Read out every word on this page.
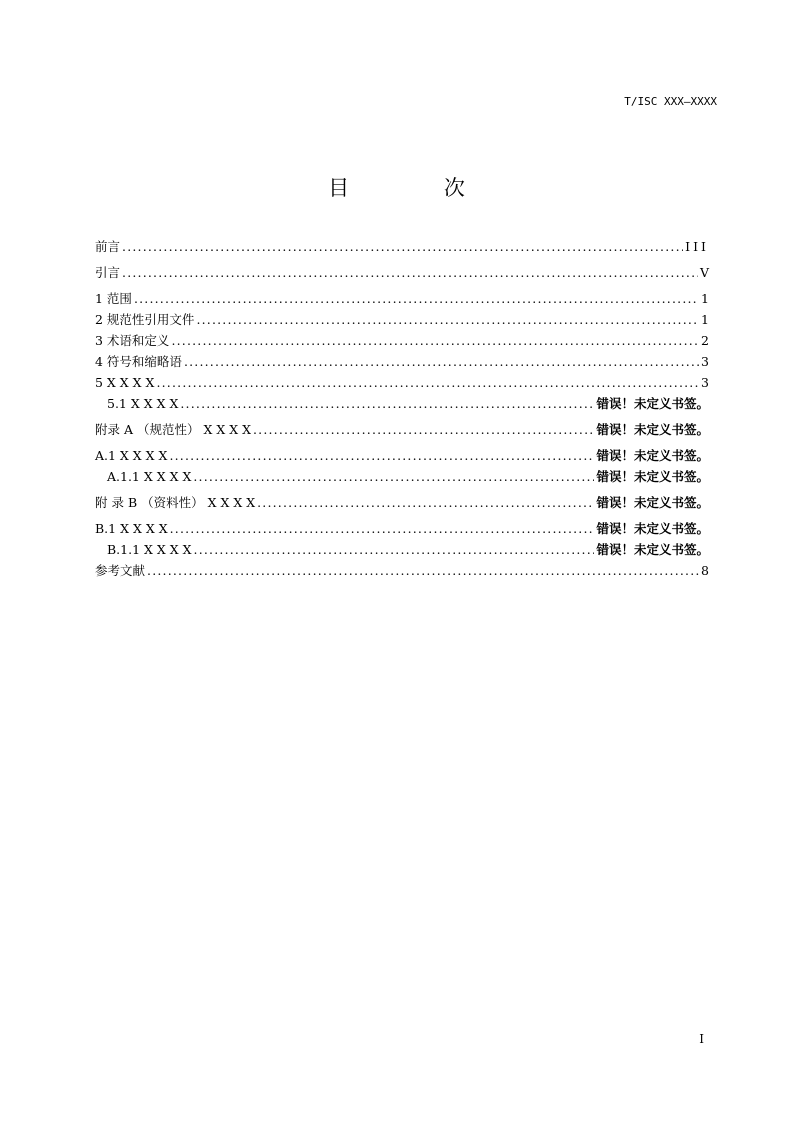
T/ISC XXX—XXXX
目 次
前言 .....	III
引言 .....	V
1 范围 .....	1
2 规范性引用文件 .....	1
3 术语和定义 .....	2
4 符号和缩略语 .....	3
5 X X X X .....	3
5.1 X X X X .....	错误！未定义书签。
附录 A （规范性） X X X X .....	错误！未定义书签。
A.1 X X X X .....	错误！未定义书签。
A.1.1 X X X X .....	错误！未定义书签。
附 录 B （资料性） X X X X .....	错误！未定义书签。
B.1 X X X X .....	错误！未定义书签。
B.1.1 X X X X .....	错误！未定义书签。
参考文献 .....	8
I
